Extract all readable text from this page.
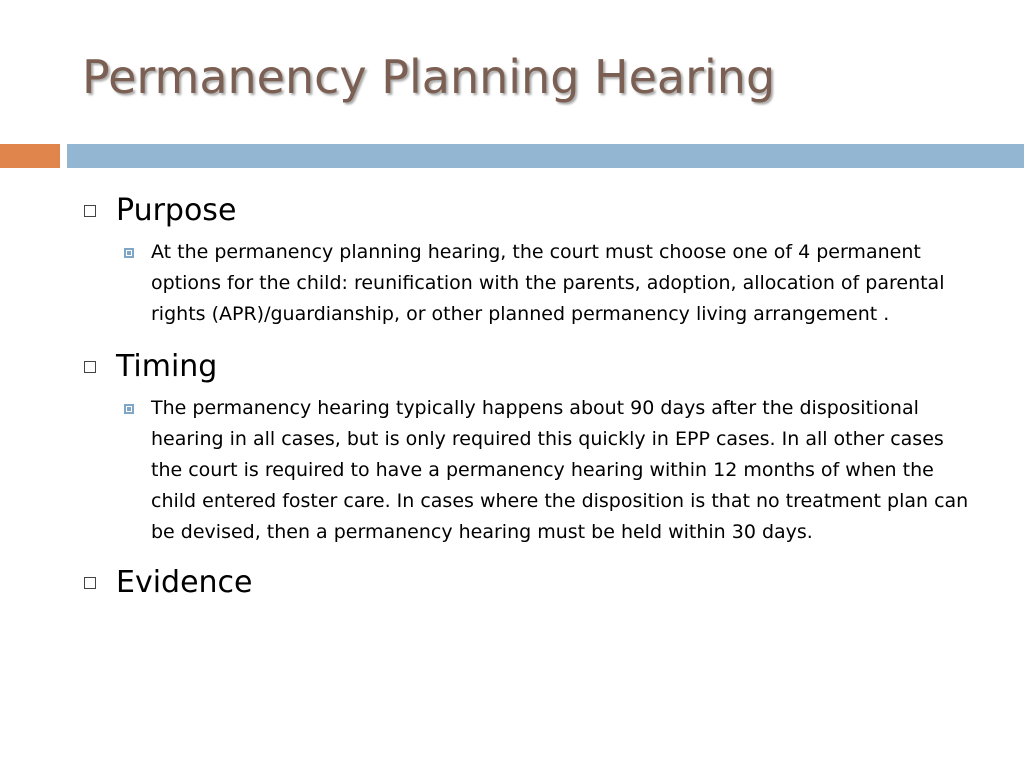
Permanency Planning Hearing
Purpose
At the permanency planning hearing, the court must choose one of 4 permanent options for the child: reunification with the parents, adoption, allocation of parental rights (APR)/guardianship, or other planned permanency living arrangement .
Timing
The permanency hearing typically happens about 90 days after the dispositional hearing in all cases, but is only required this quickly in EPP cases. In all other cases the court is required to have a permanency hearing within 12 months of when the child entered foster care. In cases where the disposition is that no treatment plan can be devised, then a permanency hearing must be held within 30 days.
Evidence
